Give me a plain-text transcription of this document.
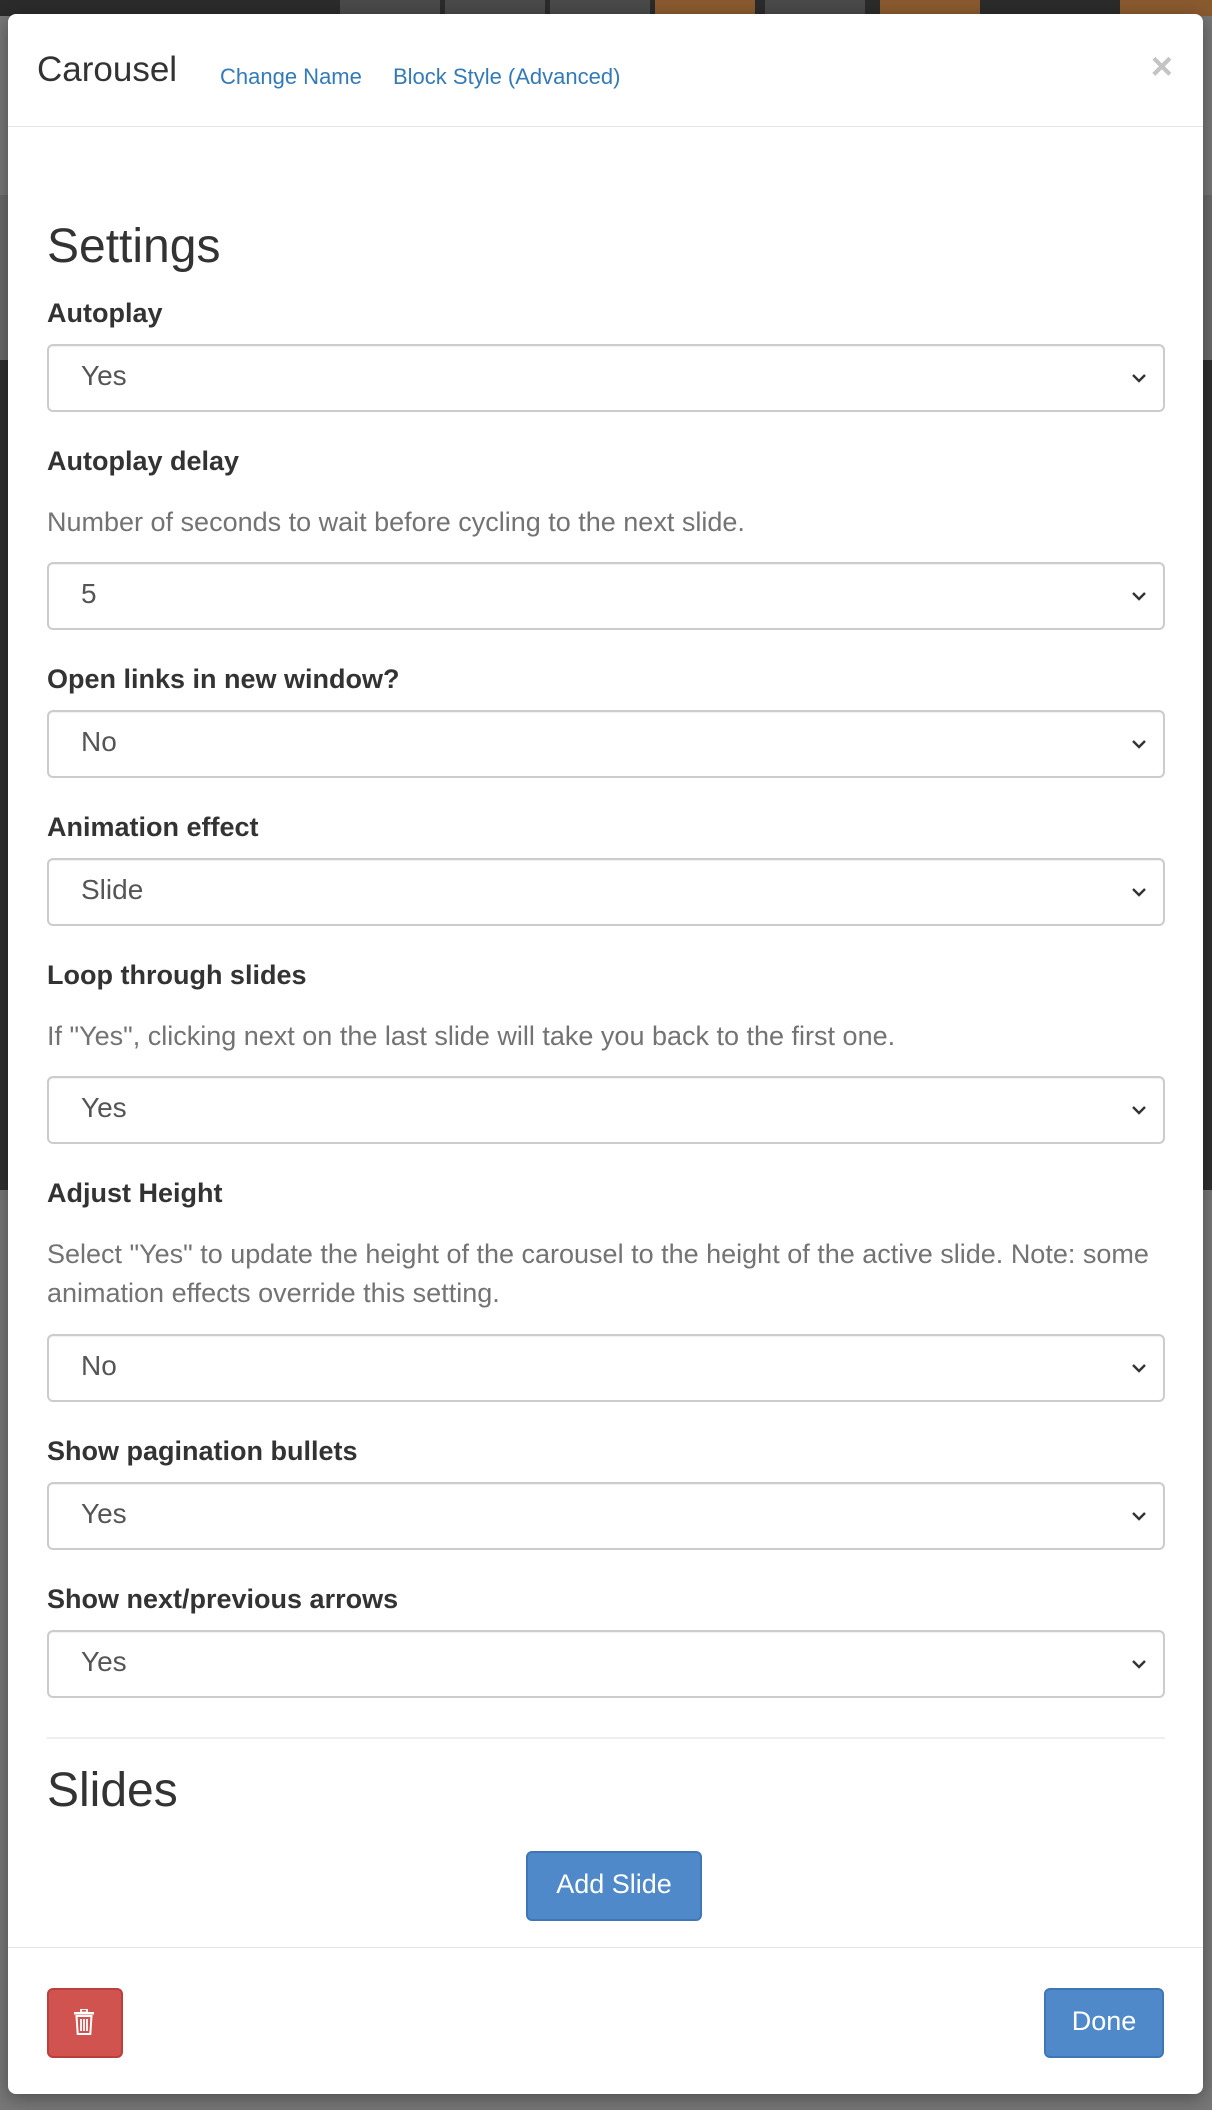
Carousel Change Name Block Style (Advanced)	×
Settings
Autoplay
Yes
Autoplay delay
Number of seconds to wait before cycling to the next slide.
5
Open links in new window?
No
Animation effect
Slide
Loop through slides
If "Yes", clicking next on the last slide will take you back to the first one.
Yes
Adjust Height
Select "Yes" to update the height of the carousel to the height of the active slide. Note: some animation effects override this setting.
No
Show pagination bullets
Yes
Show next/previous arrows
Yes
Slides
Add Slide
Done
